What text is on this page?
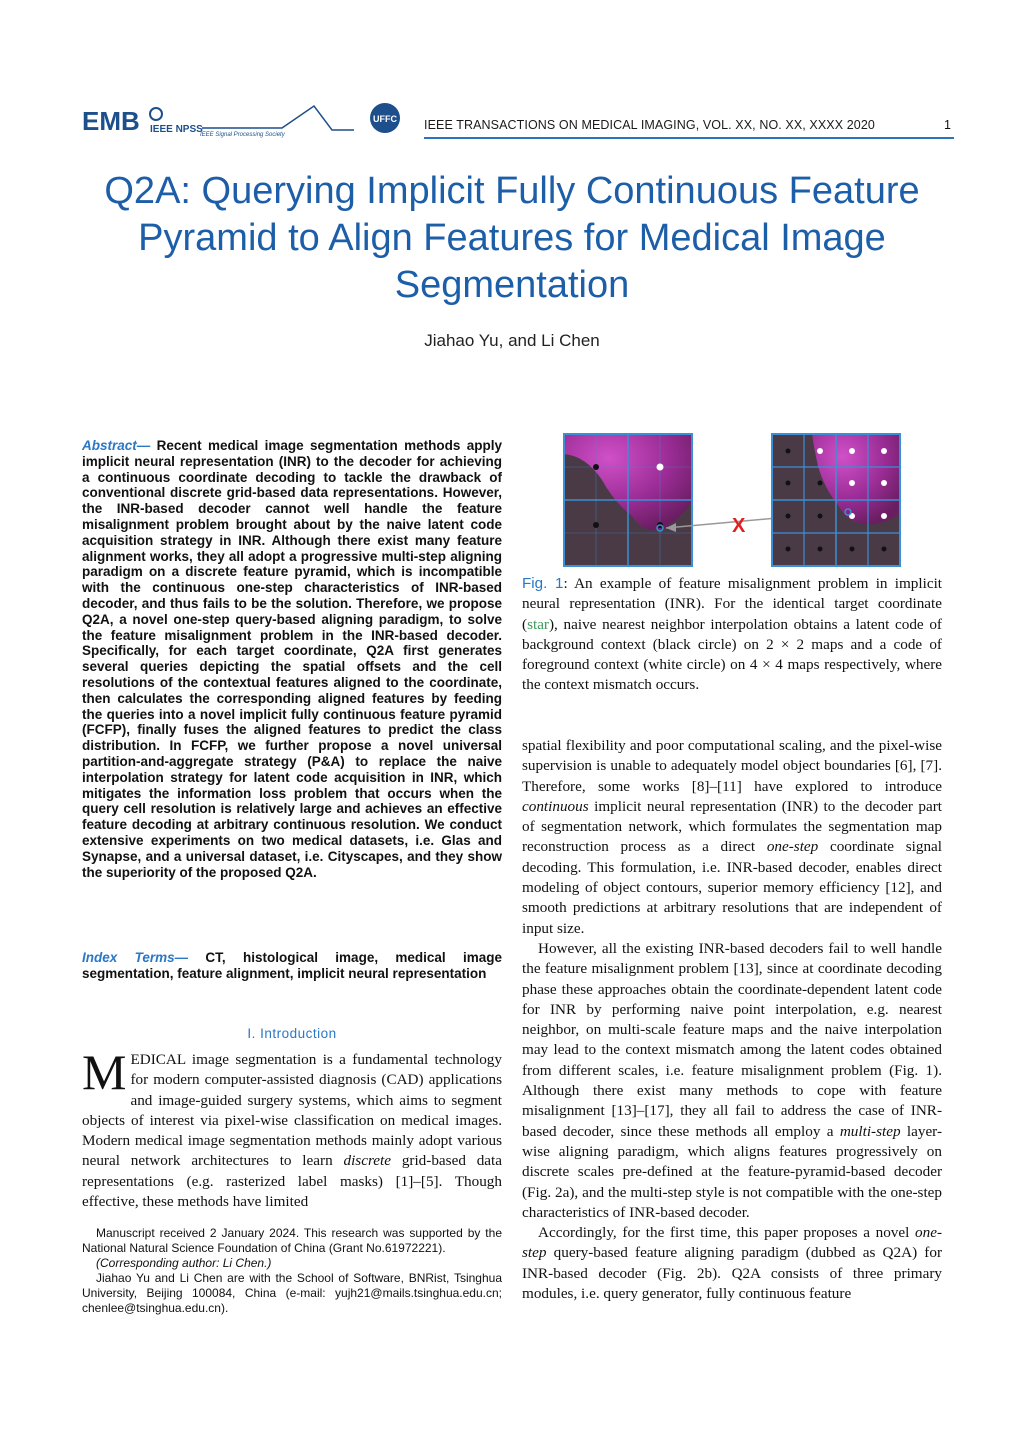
EMB IEEE NPSS
IEEE Signal Processing Society
UFFC IEEE TRANSACTIONS ON MEDICAL IMAGING, VOL. XX, NO. XX, XXXX 2020	1
Q2A: Querying Implicit Fully Continuous Feature
Pyramid to Align Features for Medical Image
Segmentation
Jiahao Yu, and Li Chen
Abstract— Recent medical image segmentation methods apply implicit neural representation (INR) to the decoder for achieving a continuous coordinate decoding to tackle the drawback of conventional discrete grid-based data representations. However, the INR-based decoder cannot well handle the feature misalignment problem brought about by the naive latent code acquisition strategy in INR. Although there exist many feature alignment works, they all adopt a progressive multi-step aligning paradigm on a discrete feature pyramid, which is incompatible with the continuous one-step characteristics of INR-based decoder, and thus fails to be the solution. Therefore, we propose Q2A, a novel one-step query-based aligning paradigm, to solve the feature misalignment problem in the INR-based decoder. Specifically, for each target coordinate, Q2A first generates several queries depicting the spatial offsets and the cell resolutions of the contextual features aligned to the coordinate, then calculates the corresponding aligned features by feeding the queries into a novel implicit fully continuous feature pyramid (FCFP), finally fuses the aligned features to predict the class distribution. In FCFP, we further propose a novel universal partition-and-aggregate strategy (P&A) to replace the naive interpolation strategy for latent code acquisition in INR, which mitigates the information loss problem that occurs when the query cell resolution is relatively large and achieves an effective feature decoding at arbitrary continuous resolution. We conduct extensive experiments on two medical datasets, i.e. Glas and Synapse, and a universal dataset, i.e. Cityscapes, and they show the superiority of the proposed Q2A.
Index Terms— CT, histological image, medical image segmentation, feature alignment, implicit neural representation
I. Introduction
MEDICAL image segmentation is a fundamental technology for modern computer-assisted diagnosis (CAD) applications and image-guided surgery systems, which aims to segment objects of interest via pixel-wise classification on medical images. Modern medical image segmentation methods mainly adopt various neural network architectures to learn discrete grid-based data representations (e.g. rasterized label masks) [1]–[5]. Though effective, these methods have limited

Manuscript received 2 January 2024. This research was supported by the National Natural Science Foundation of China (Grant No.61972221).

(Corresponding author: Li Chen.)

Jiahao Yu and Li Chen are with the School of Software, BNRist, Tsinghua University, Beijing 100084, China (e-mail: yujh21@mails.tsinghua.edu.cn; chenlee@tsinghua.edu.cn).

X
Fig. 1: An example of feature misalignment problem in implicit neural representation (INR). For the identical target coordinate (star), naive nearest neighbor interpolation obtains a latent code of background context (black circle) on 2 × 2 maps and a code of foreground context (white circle) on 4 × 4 maps respectively, where the context mismatch occurs.

spatial flexibility and poor computational scaling, and the pixel-wise supervision is unable to adequately model object boundaries [6], [7]. Therefore, some works [8]–[11] have explored to introduce continuous implicit neural representation (INR) to the decoder part of segmentation network, which formulates the segmentation map reconstruction process as a direct one-step coordinate signal decoding. This formulation, i.e. INR-based decoder, enables direct modeling of object contours, superior memory efficiency [12], and smooth predictions at arbitrary resolutions that are independent of input size.

However, all the existing INR-based decoders fail to well handle the feature misalignment problem [13], since at coordinate decoding phase these approaches obtain the coordinate-dependent latent code for INR by performing naive point interpolation, e.g. nearest neighbor, on multi-scale feature maps and the naive interpolation may lead to the context mismatch among the latent codes obtained from different scales, i.e. feature misalignment problem (Fig. 1). Although there exist many methods to cope with feature misalignment [13]–[17], they all fail to address the case of INR-based decoder, since these methods all employ a multi-step layer-wise aligning paradigm, which aligns features progressively on discrete scales pre-defined at the feature-pyramid-based decoder (Fig. 2a), and the multi-step style is not compatible with the one-step characteristics of INR-based decoder.

Accordingly, for the first time, this paper proposes a novel one-step query-based feature aligning paradigm (dubbed as Q2A) for INR-based decoder (Fig. 2b). Q2A consists of three primary modules, i.e. query generator, fully continuous feature
